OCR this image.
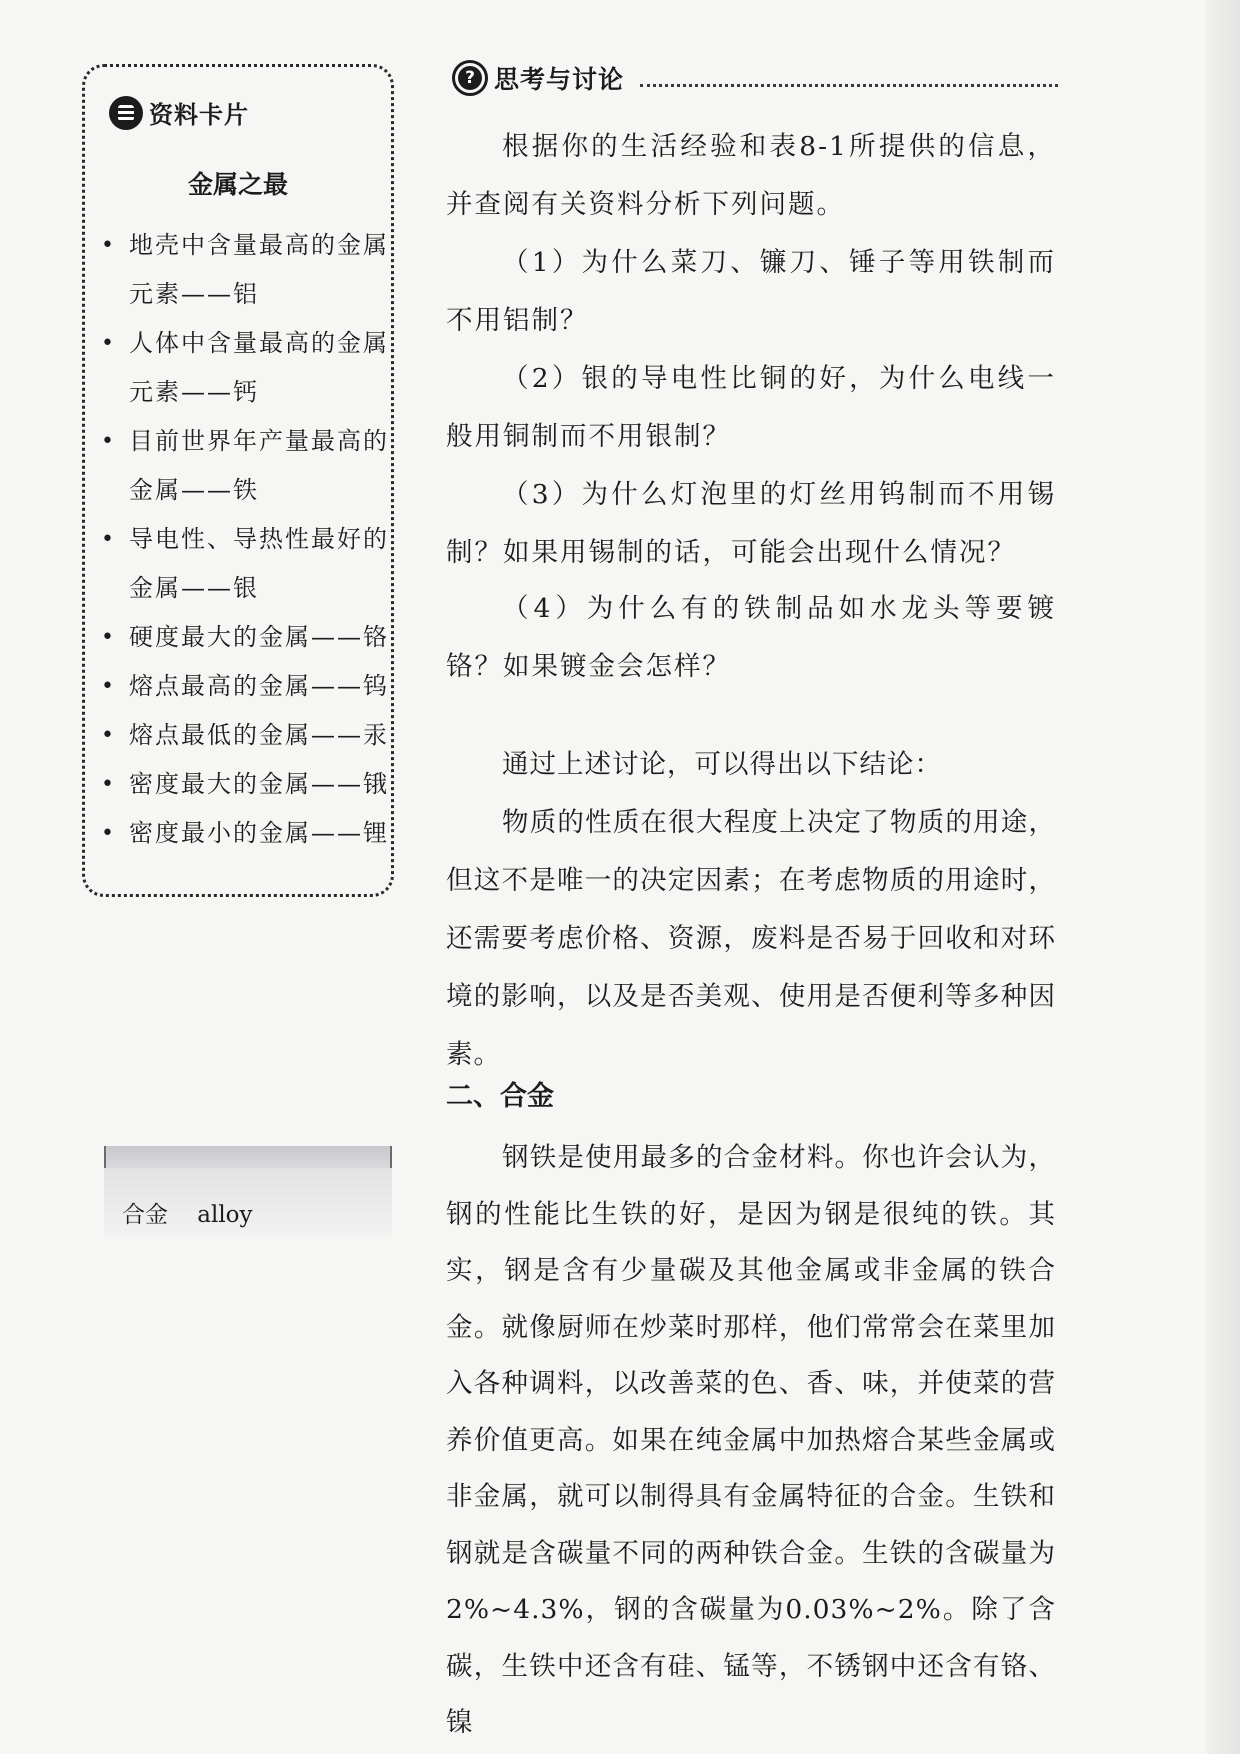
资料卡片
金属之最
• 地壳中含量最高的金属元素——铝
• 人体中含量最高的金属元素——钙
• 目前世界年产量最高的金属——铁
• 导电性、导热性最好的金属——银
• 硬度最大的金属——铬
• 熔点最高的金属——钨
• 熔点最低的金属——汞
• 密度最大的金属——锇
• 密度最小的金属——锂
合金    alloy
? 思考与讨论

根据你的生活经验和表8-1所提供的信息，并查阅有关资料分析下列问题。

（1）为什么菜刀、镰刀、锤子等用铁制而不用铝制？

（2）银的导电性比铜的好，为什么电线一般用铜制而不用银制？

（3）为什么灯泡里的灯丝用钨制而不用锡制？如果用锡制的话，可能会出现什么情况？

（4）为什么有的铁制品如水龙头等要镀铬？如果镀金会怎样？

通过上述讨论，可以得出以下结论：

物质的性质在很大程度上决定了物质的用途，但这不是唯一的决定因素；在考虑物质的用途时，还需要考虑价格、资源，废料是否易于回收和对环境的影响，以及是否美观、使用是否便利等多种因素。

二、合金

钢铁是使用最多的合金材料。你也许会认为，钢的性能比生铁的好，是因为钢是很纯的铁。其实，钢是含有少量碳及其他金属或非金属的铁合金。就像厨师在炒菜时那样，他们常常会在菜里加入各种调料，以改善菜的色、香、味，并使菜的营养价值更高。如果在纯金属中加热熔合某些金属或非金属，就可以制得具有金属特征的合金。生铁和钢就是含碳量不同的两种铁合金。生铁的含碳量为2%~4.3%，钢的含碳量为0.03%~2%。除了含碳，生铁中还含有硅、锰等，不锈钢中还含有铬、镍
